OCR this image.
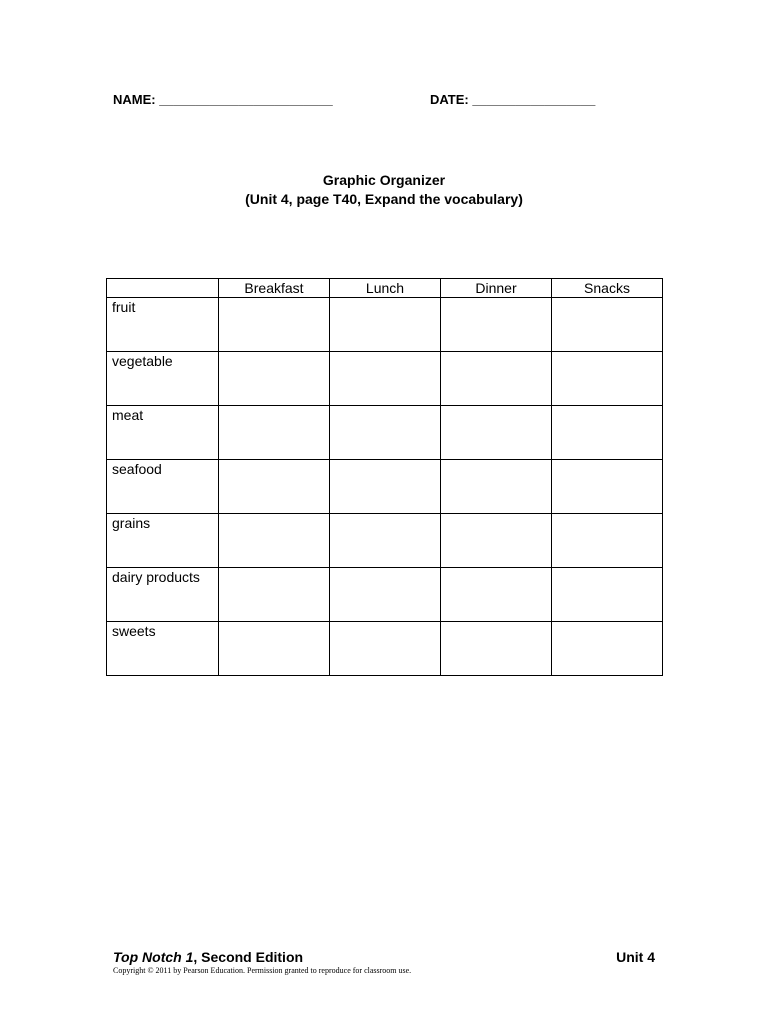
NAME: ________________________	DATE: _________________
Graphic Organizer
(Unit 4, page T40, Expand the vocabulary)
	Breakfast	Lunch	Dinner	Snacks
fruit				
vegetable				
meat				
seafood				
grains				
dairy products				
sweets				
Top Notch 1, Second Edition	Unit 4
Copyright © 2011 by Pearson Education. Permission granted to reproduce for classroom use.
